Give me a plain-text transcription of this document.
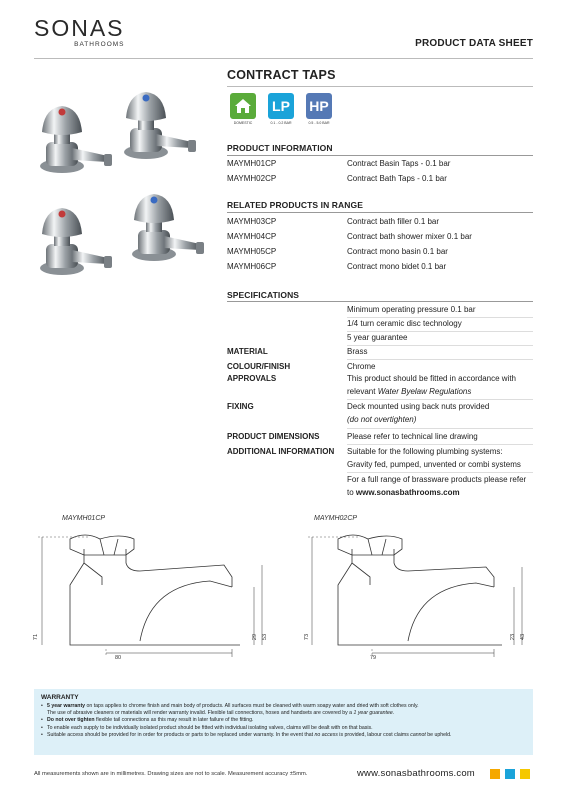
SONAS
BATHROOMS	PRODUCT DATA SHEET
CONTRACT TAPS
DOMESTIC
LP
0.1 - 0.2 BAR
HP
0.5 - 5.0 BAR
PRODUCT INFORMATION
MAYMH01CP	Contract Basin Taps - 0.1 bar
MAYMH02CP	Contract Bath Taps - 0.1 bar
RELATED PRODUCTS IN RANGE
MAYMH03CP	Contract bath filler 0.1 bar
MAYMH04CP	Contract bath shower mixer 0.1 bar
MAYMH05CP	Contract mono basin 0.1 bar
MAYMH06CP	Contract mono bidet 0.1 bar
SPECIFICATIONS
Minimum operating pressure 0.1 bar
1/4 turn ceramic disc technology
5 year guarantee
MATERIAL	Brass
COLOUR/FINISH	Chrome
APPROVALS	This product should be fitted in accordance with
relevant Water Byelaw Regulations
FIXING	Deck mounted using back nuts provided
(do not overtighten)
PRODUCT DIMENSIONS	Please refer to technical line drawing
ADDITIONAL INFORMATION Suitable for the following plumbing systems:
Gravity fed, pumped, unvented or combi systems
For a full range of brassware products please refer
to www.sonasbathrooms.com
MAYMH01CP	MAYMH02CP
71	29 53
80
73	23 43
79
WARRANTY
• 5 year warranty on taps applies to chrome finish and main body of products. All surfaces must be cleaned with warm soapy water and dried with soft clothes only.
The use of abrasive cleaners or materials will render warranty invalid. Flexible tail connections, hoses and handsets are covered by a 1 year guarantee.
• Do not over tighten flexible tail connections as this may result in later failure of the fitting.
• To enable each supply to be individually isolated product should be fitted with individual isolating valves, claims will be dealt with on that basis.
• Suitable access should be provided for in order for products or parts to be replaced under warranty. In the event that no access is provided, labour cost claims cannot be upheld.
All measurements shown are in millimetres. Drawing sizes are not to scale. Measurement accuracy ±5mm.	www.sonasbathrooms.com
